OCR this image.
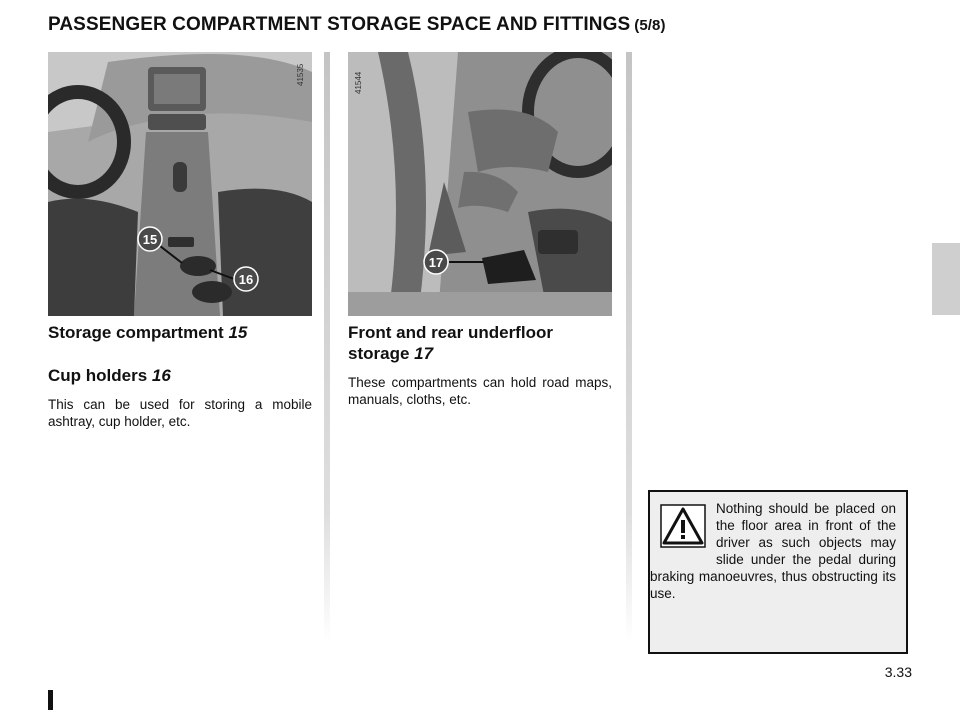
PASSENGER COMPARTMENT STORAGE SPACE AND FITTINGS (5/8)
15
16
41535
17
41544
Storage compartment 15
Cup holders 16

This can be used for storing a mobile ashtray, cup holder, etc.

Front and rear underfloor storage 17

These compartments can hold road maps, manuals, cloths, etc.

Nothing should be placed on the floor area in front of the driver as such objects may slide under the pedal during braking manoeuvres, thus obstructing its use.

3.33
